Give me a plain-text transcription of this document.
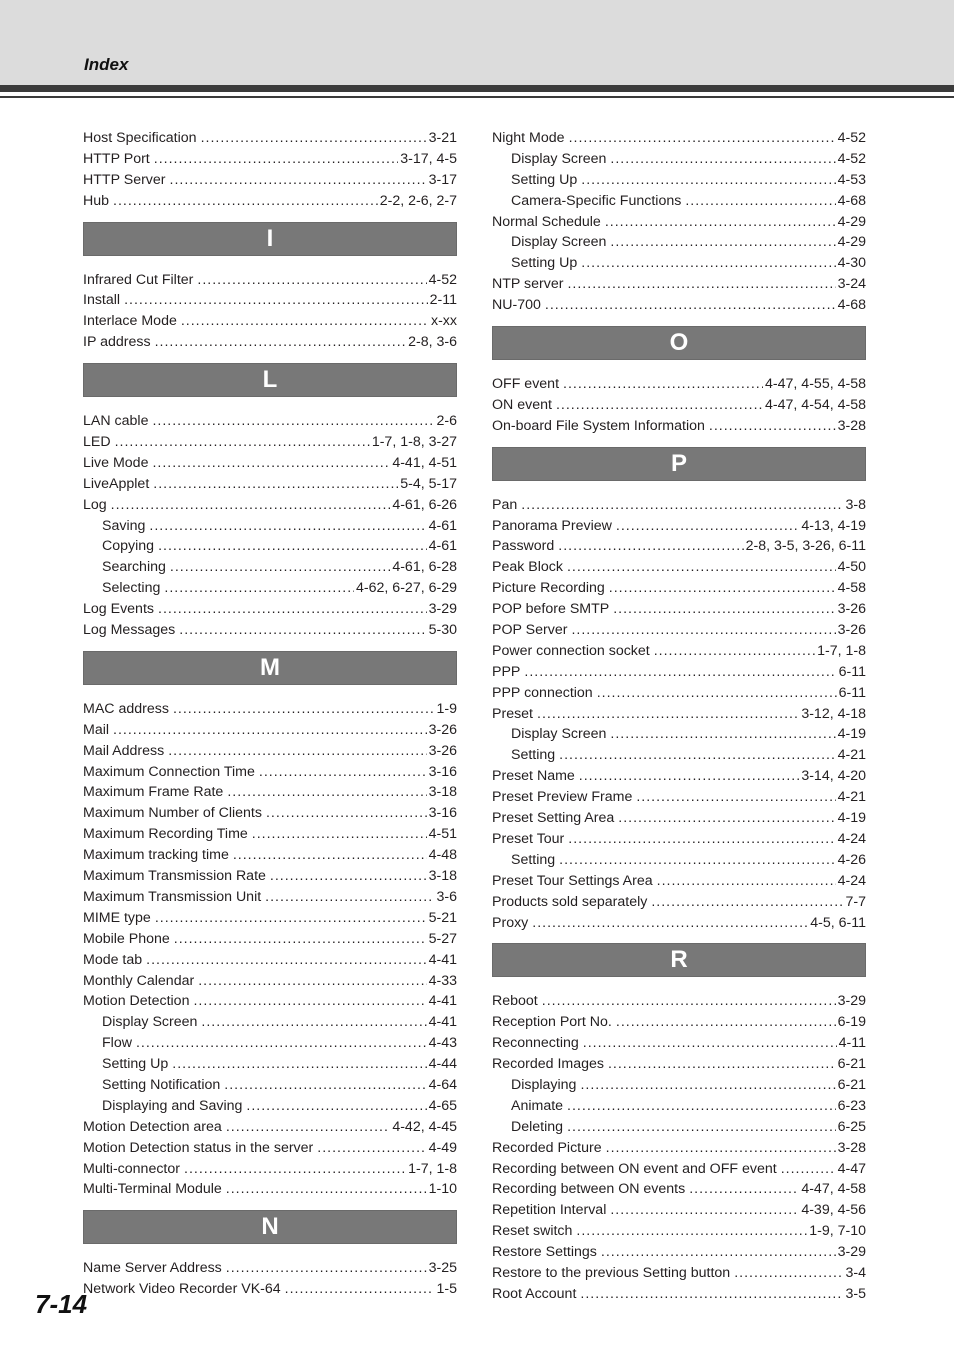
Index
Host Specification .....	3-21
HTTP Port .....	3-17, 4-5
HTTP Server .....	3-17
Hub .....	2-2, 2-6, 2-7
I
Infrared Cut Filter .....	4-52
Install .....	2-11
Interlace Mode .....	x-xx
IP address .....	2-8, 3-6
L
LAN cable .....	2-6
LED .....	1-7, 1-8, 3-27
Live Mode .....	4-41, 4-51
LiveApplet .....	5-4, 5-17
Log .....	4-61, 6-26
Saving .....	4-61
Copying .....	4-61
Searching .....	4-61, 6-28
Selecting .....	4-62, 6-27, 6-29
Log Events .....	3-29
Log Messages .....	5-30
M
MAC address .....	1-9
Mail .....	3-26
Mail Address .....	3-26
Maximum Connection Time .....	3-16
Maximum Frame Rate .....	3-18
Maximum Number of Clients .....	3-16
Maximum Recording Time .....	4-51
Maximum tracking time .....	4-48
Maximum Transmission Rate .....	3-18
Maximum Transmission Unit .....	3-6
MIME type .....	5-21
Mobile Phone .....	5-27
Mode tab .....	4-41
Monthly Calendar .....	4-33
Motion Detection .....	4-41
Display Screen .....	4-41
Flow .....	4-43
Setting Up .....	4-44
Setting Notification .....	4-64
Displaying and Saving .....	4-65
Motion Detection area .....	4-42, 4-45
Motion Detection status in the server .....	4-49
Multi-connector .....	1-7, 1-8
Multi-Terminal Module .....	1-10
N
Name Server Address .....	3-25
Network Video Recorder VK-64 .....	1-5
Night Mode .....	4-52
Display Screen .....	4-52
Setting Up .....	4-53
Camera-Specific Functions .....	4-68
Normal Schedule .....	4-29
Display Screen .....	4-29
Setting Up .....	4-30
NTP server .....	3-24
NU-700 .....	4-68
O
OFF event .....	4-47, 4-55, 4-58
ON event .....	4-47, 4-54, 4-58
On-board File System Information .....	3-28
P
Pan .....	3-8
Panorama Preview .....	4-13, 4-19
Password .....	2-8, 3-5, 3-26, 6-11
Peak Block .....	4-50
Picture Recording .....	4-58
POP before SMTP .....	3-26
POP Server .....	3-26
Power connection socket .....	1-7, 1-8
PPP .....	6-11
PPP connection .....	6-11
Preset .....	3-12, 4-18
Display Screen .....	4-19
Setting .....	4-21
Preset Name .....	3-14, 4-20
Preset Preview Frame .....	4-21
Preset Setting Area .....	4-19
Preset Tour .....	4-24
Setting .....	4-26
Preset Tour Settings Area .....	4-24
Products sold separately .....	7-7
Proxy .....	4-5, 6-11
R
Reboot .....	3-29
Reception Port No. .....	6-19
Reconnecting .....	4-11
Recorded Images .....	6-21
Displaying .....	6-21
Animate .....	6-23
Deleting .....	6-25
Recorded Picture .....	3-28
Recording between ON event and OFF event .....	4-47
Recording between ON events .....	4-47, 4-58
Repetition Interval .....	4-39, 4-56
Reset switch .....	1-9, 7-10
Restore Settings .....	3-29
Restore to the previous Setting button .....	3-4
Root Account .....	3-5
7-14
